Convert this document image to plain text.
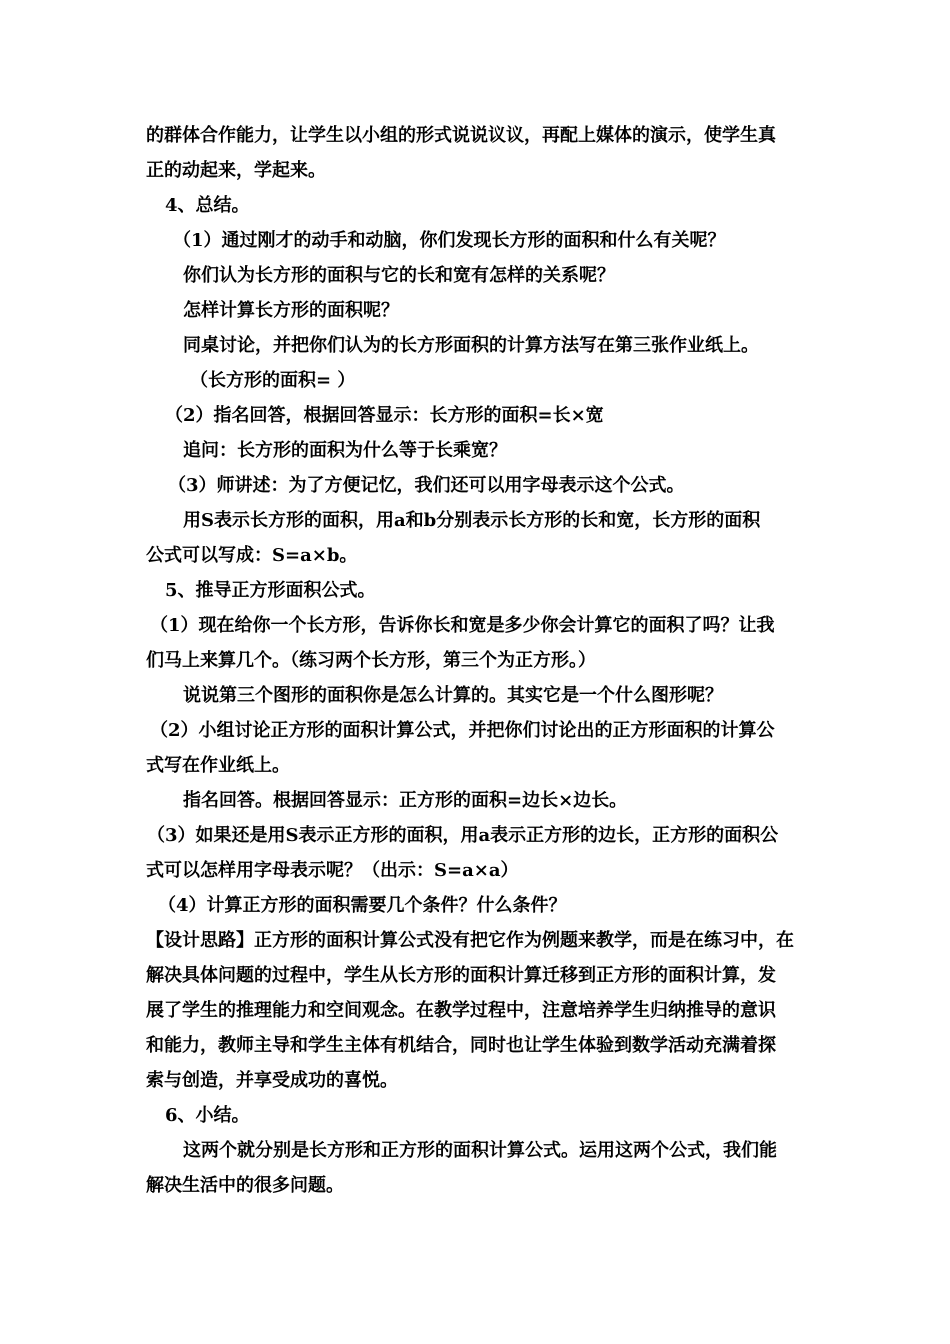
的群体合作能力，让学生以小组的形式说说议议，再配上媒体的演示，使学生真
正的动起来，学起来。
4、总结。
（1）通过刚才的动手和动脑，你们发现长方形的面积和什么有关呢？
你们认为长方形的面积与它的长和宽有怎样的关系呢？
怎样计算长方形的面积呢？
同桌讨论，并把你们认为的长方形面积的计算方法写在第三张作业纸上。
（长方形的面积= ）
（2）指名回答，根据回答显示：长方形的面积=长×宽
追问：长方形的面积为什么等于长乘宽？
（3）师讲述：为了方便记忆，我们还可以用字母表示这个公式。
用S表示长方形的面积，用a和b分别表示长方形的长和宽，长方形的面积
公式可以写成：S=a×b。
5、推导正方形面积公式。
（1）现在给你一个长方形，告诉你长和宽是多少你会计算它的面积了吗？让我
们马上来算几个。（练习两个长方形，第三个为正方形。）
说说第三个图形的面积你是怎么计算的。其实它是一个什么图形呢？
（2）小组讨论正方形的面积计算公式，并把你们讨论出的正方形面积的计算公
式写在作业纸上。
指名回答。根据回答显示：正方形的面积=边长×边长。
（3）如果还是用S表示正方形的面积，用a表示正方形的边长，正方形的面积公
式可以怎样用字母表示呢？（出示：S=a×a）
（4）计算正方形的面积需要几个条件？什么条件？
【设计思路】正方形的面积计算公式没有把它作为例题来教学，而是在练习中，在
解决具体问题的过程中，学生从长方形的面积计算迁移到正方形的面积计算，发
展了学生的推理能力和空间观念。在教学过程中，注意培养学生归纳推导的意识
和能力，教师主导和学生主体有机结合，同时也让学生体验到数学活动充满着探
索与创造，并享受成功的喜悦。
6、小结。
这两个就分别是长方形和正方形的面积计算公式。运用这两个公式，我们能
解决生活中的很多问题。
